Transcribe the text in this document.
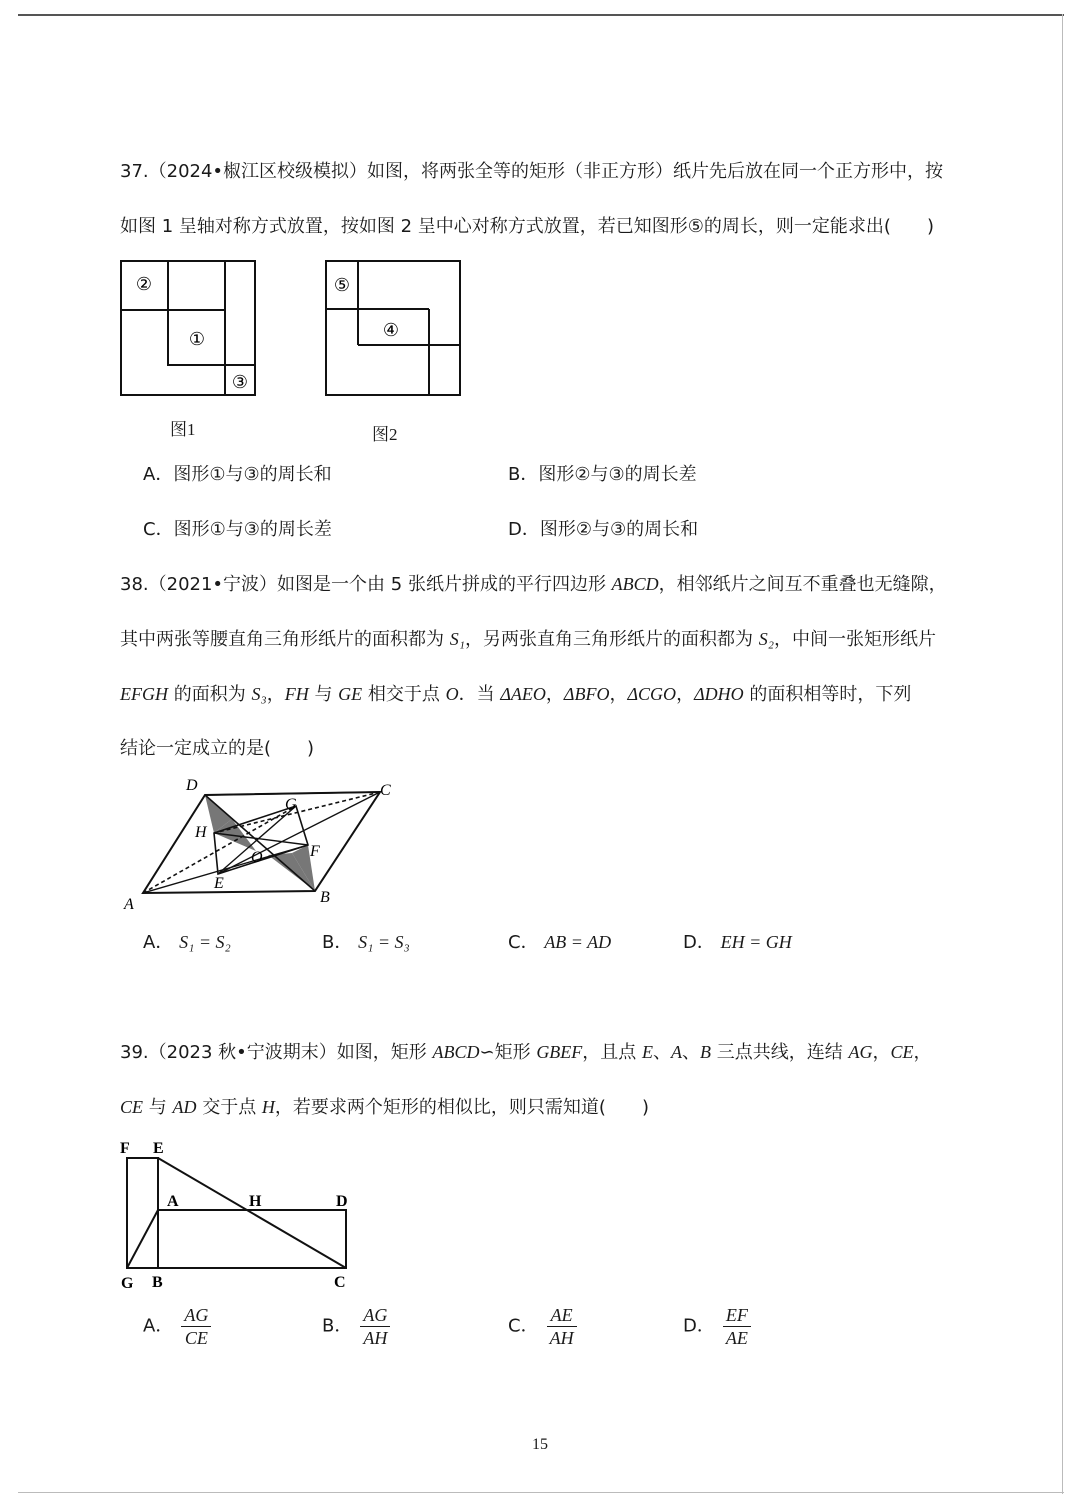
37.（2024•椒江区校级模拟）如图，将两张全等的矩形（非正方形）纸片先后放在同一个正方形中，按
如图 1 呈轴对称方式放置，按如图 2 呈中心对称方式放置，若已知图形⑤的周长，则一定能求出(　　)
②
①
③
图1
⑤
④
图2
A．图形①与③的周长和	B．图形②与③的周长差
C．图形①与③的周长差	D．图形②与③的周长和
38.（2021•宁波）如图是一个由 5 张纸片拼成的平行四边形 ABCD，相邻纸片之间互不重叠也无缝隙，
其中两张等腰直角三角形纸片的面积都为 S₁，另两张直角三角形纸片的面积都为 S₂，中间一张矩形纸片
EFGH 的面积为 S₃，FH 与 GE 相交于点 O．当 ΔAEO，ΔBFO，ΔCGO，ΔDHO 的面积相等时，下列
结论一定成立的是(　　)
D
G
C
H
O	F
E
A	B
A． S₁ = S₂	B． S₁ = S₃	C． AB = AD	D． EH = GH
39.（2023 秋•宁波期末）如图，矩形 ABCD∽矩形 GBEF，且点 E、A、B 三点共线，连结 AG，CE，
CE 与 AD 交于点 H，若要求两个矩形的相似比，则只需知道(　　)
F E
A	H	D
G B	C
A． $\frac{AG}{CE}$	B． $\frac{AG}{AH}$	C． $\frac{AE}{AH}$	D． $\frac{EF}{AE}$
15
